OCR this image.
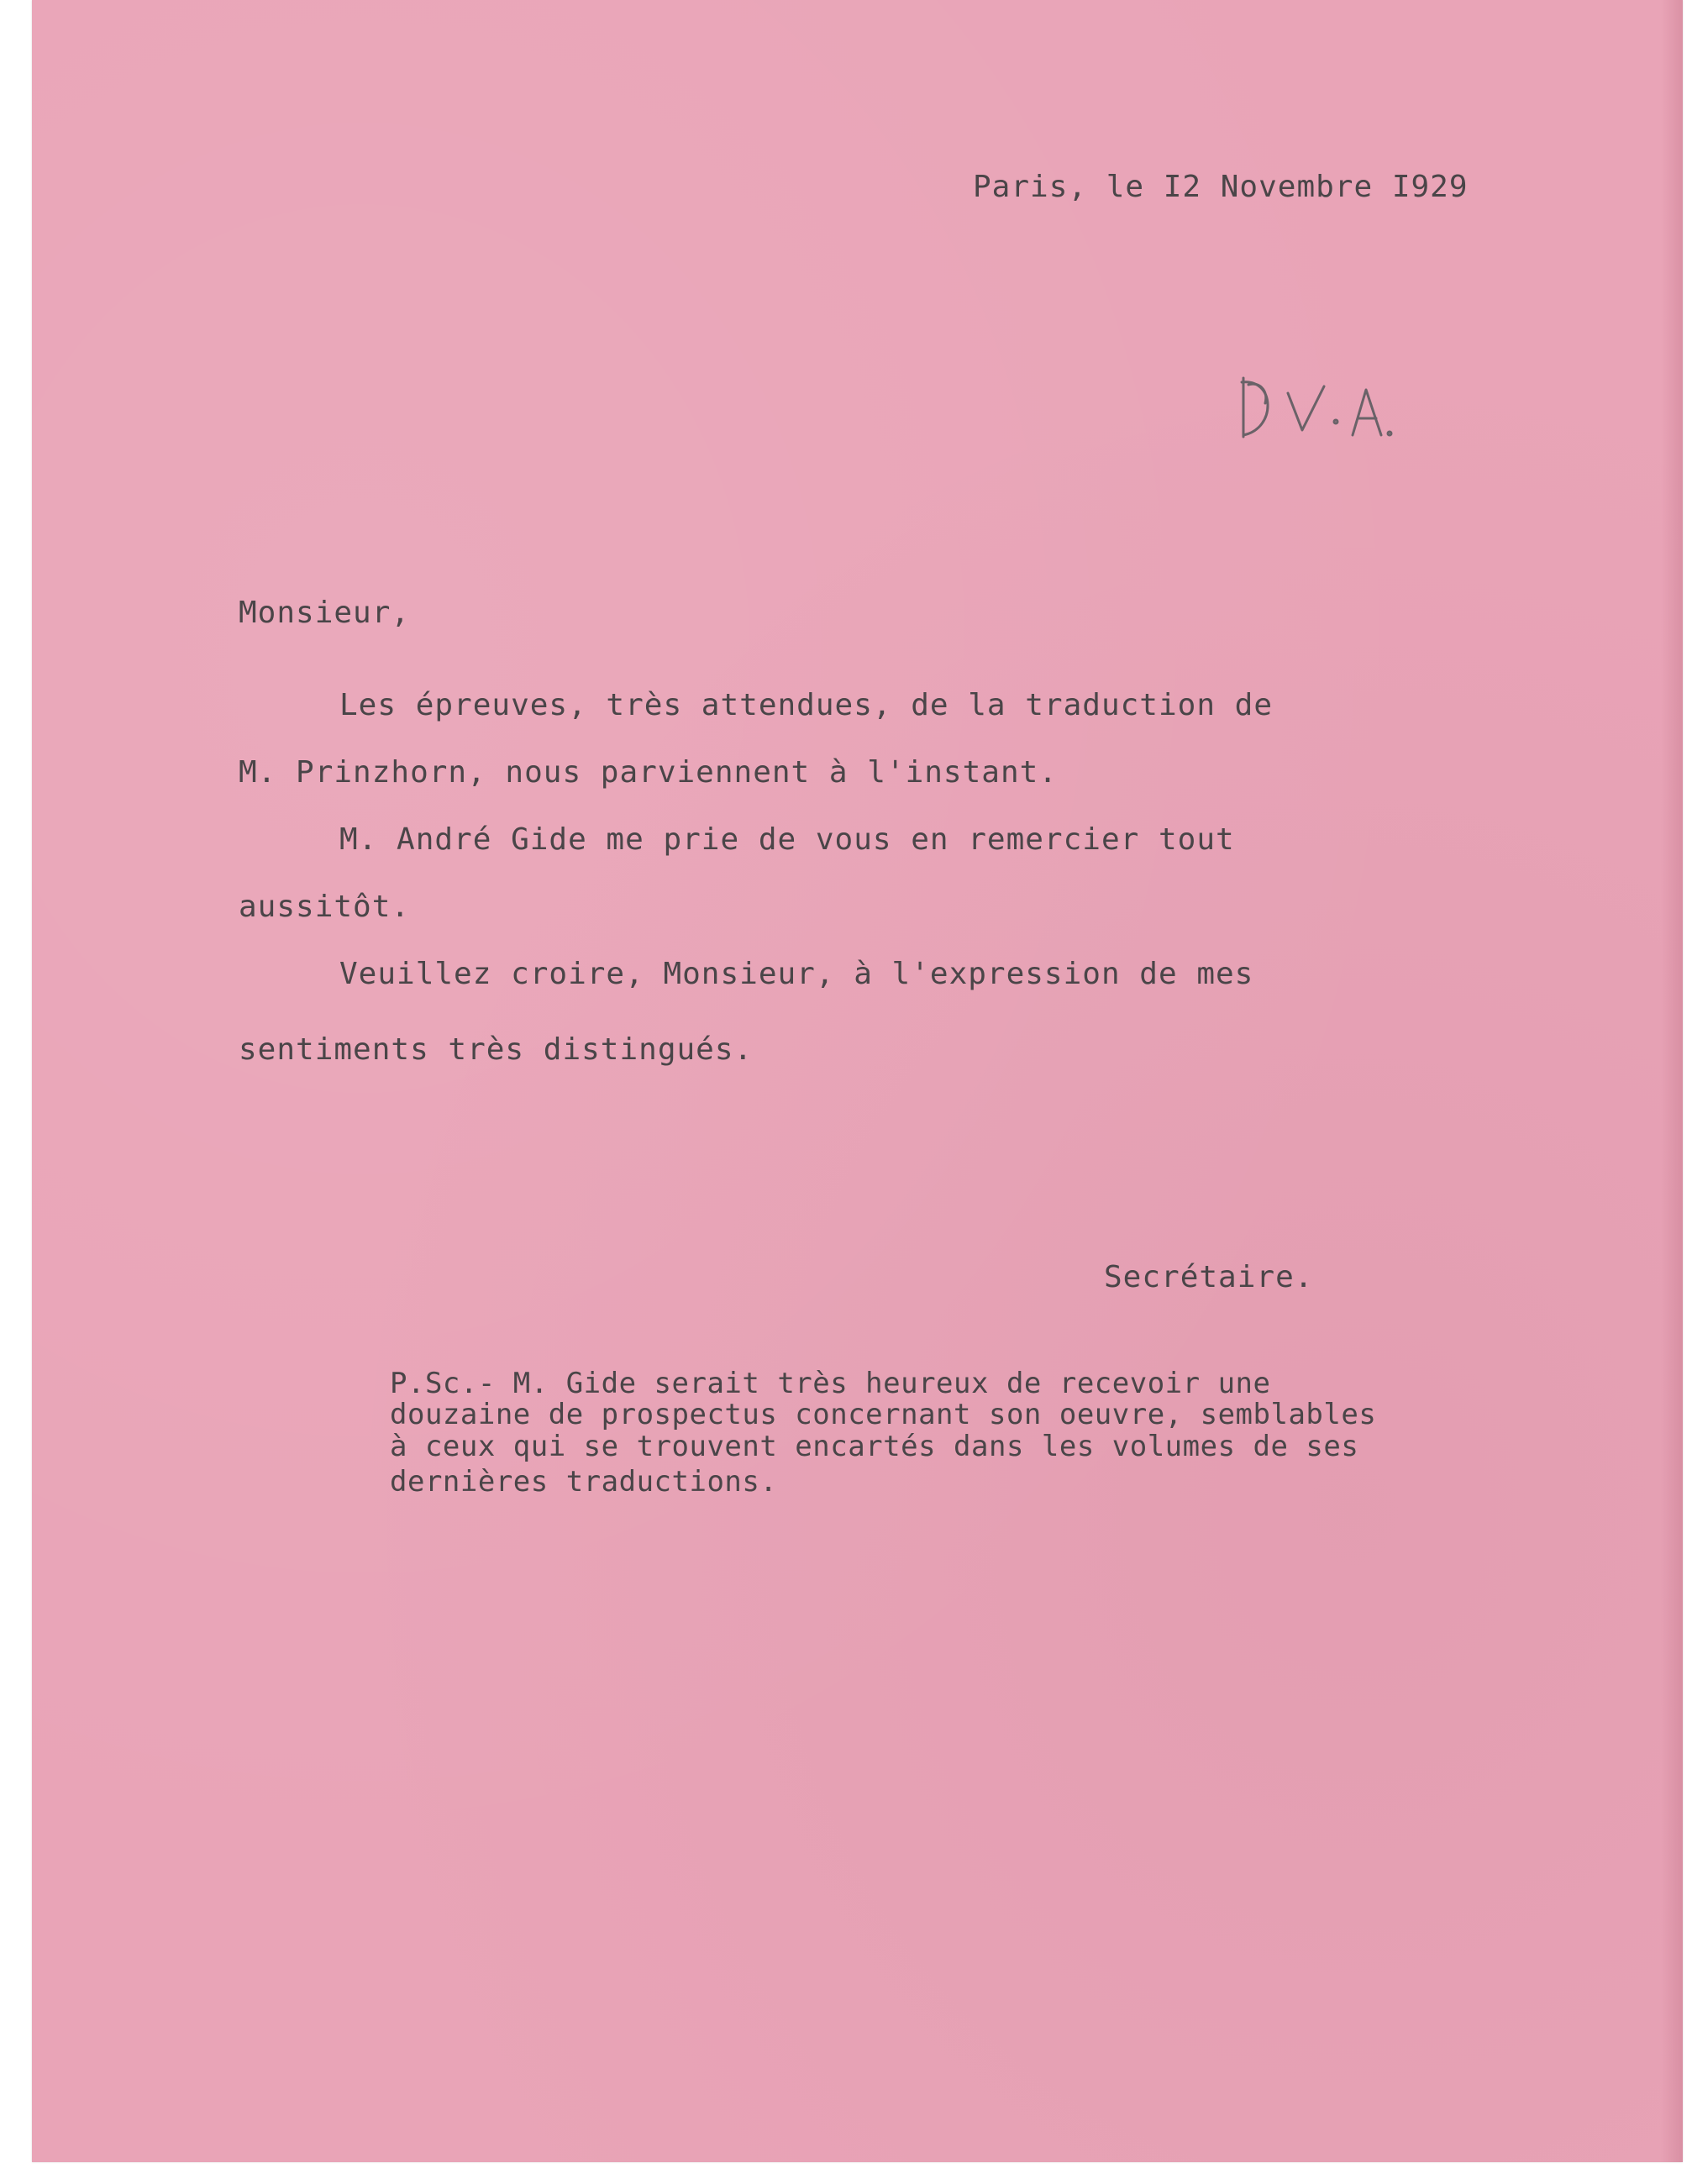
Paris, le I2 Novembre I929
Monsieur,
Les épreuves, très attendues, de la traduction de
M. Prinzhorn, nous parviennent à l'instant.
M. André Gide me prie de vous en remercier tout
aussitôt.
Veuillez croire, Monsieur, à l'expression de mes
sentiments très distingués.
Secrétaire.
P.Sc.- M. Gide serait très heureux de recevoir une
douzaine de prospectus concernant son oeuvre, semblables
à ceux qui se trouvent encartés dans les volumes de ses
dernières traductions.
